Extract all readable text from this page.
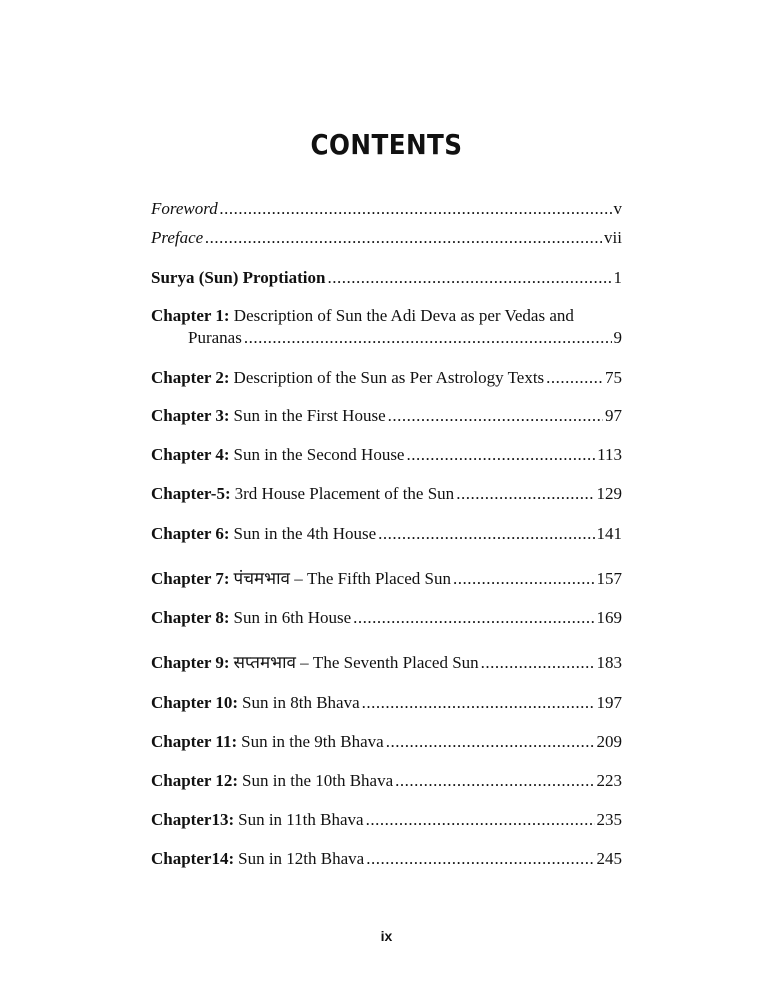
CONTENTS
Foreword .....	v
Preface .....	vii
Surya (Sun) Proptiation .....	1
Chapter 1: Description of Sun the Adi Deva as per Vedas and
Puranas .....	9
Chapter 2: Description of the Sun as Per Astrology Texts .....	75
Chapter 3: Sun in the First House .....	97
Chapter 4: Sun in the Second House .....	113
Chapter-5: 3rd House Placement of the Sun .....	129
Chapter 6: Sun in the 4th House .....	141
Chapter 7: पंचमभाव – The Fifth Placed Sun .....	157
Chapter 8: Sun in 6th House .....	169
Chapter 9: सप्तमभाव – The Seventh Placed Sun .....	183
Chapter 10: Sun in 8th Bhava .....	197
Chapter 11: Sun in the 9th Bhava .....	209
Chapter 12: Sun in the 10th Bhava .....	223
Chapter13: Sun in 11th Bhava .....	235
Chapter14: Sun in 12th Bhava .....	245
ix
